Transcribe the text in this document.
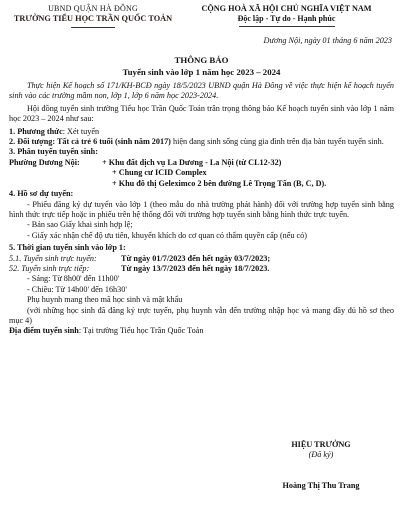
UBND QUẬN HÀ ĐÔNG
TRƯỜNG TIỂU HỌC TRẦN QUỐC TOẢN
CỘNG HOÀ XÃ HỘI CHỦ NGHĨA VIỆT NAM
Độc lập - Tự do - Hạnh phúc
Dương Nội, ngày 01 tháng 6 năm 2023
THÔNG BÁO
Tuyển sinh vào lớp 1 năm học 2023 – 2024
Thực hiện Kế hoạch số 171/KH-BCĐ ngày 18/5/2023 UBND quận Hà Đông về việc thực hiện kế hoạch tuyển sinh vào các trường mầm non, lớp 1, lớp 6 năm học 2023-2024.
Hội đồng tuyển sinh trường Tiểu học Trần Quốc Toản trân trọng thông báo Kế hoạch tuyển sinh vào lớp 1 năm học 2023 – 2024 như sau:
1. Phương thức: Xét tuyển
2. Đối tượng: Tất cả trẻ 6 tuổi (sinh năm 2017) hiện đang sinh sống cùng gia đình trên địa bàn tuyển tuyển sinh.
3. Phân tuyến tuyển sinh:
Phường Dương Nội:	+ Khu đất dịch vụ La Dương - La Nội (từ CL12-32)
+ Chung cư ICID Complex
+ Khu đô thị Geleximco 2 bên đường Lê Trọng Tấn (B, C, D).
4. Hồ sơ dự tuyển:
- Phiếu đăng ký dự tuyển vào lớp 1 (theo mẫu do nhà trường phát hành) đối với trường hợp tuyển sinh bằng hình thức trực tiếp hoặc in phiếu trên hệ thống đối với trường hợp tuyển sinh bằng hình thức trực tuyến.
- Bản sao Giấy khai sinh hợp lệ;
- Giấy xác nhận chế độ ưu tiên, khuyến khích do cơ quan có thẩm quyền cấp (nếu có)
5. Thời gian tuyển sinh vào lớp 1:
5.1. Tuyển sinh trực tuyến:	Từ ngày 01/7/2023 đến hết ngày 03/7/2023;
52. Tuyển sinh trực tiếp:	Từ ngày 13/7/2023 đến hết ngày 18/7/2023.
- Sáng: Từ 8h00' đến 11h00'
- Chiều: Từ 14h00' đến 16h30'
Phụ huynh mang theo mã học sinh và mật khẩu
(với những học sinh đã đăng ký trực tuyến, phụ huynh vẫn đến trường nhập học và mang đầy đủ hồ sơ theo mục 4)
Địa điểm tuyển sinh: Tại trường Tiểu học Trần Quốc Toản
HIỆU TRƯỞNG
(Đã ký)
Hoàng Thị Thu Trang
